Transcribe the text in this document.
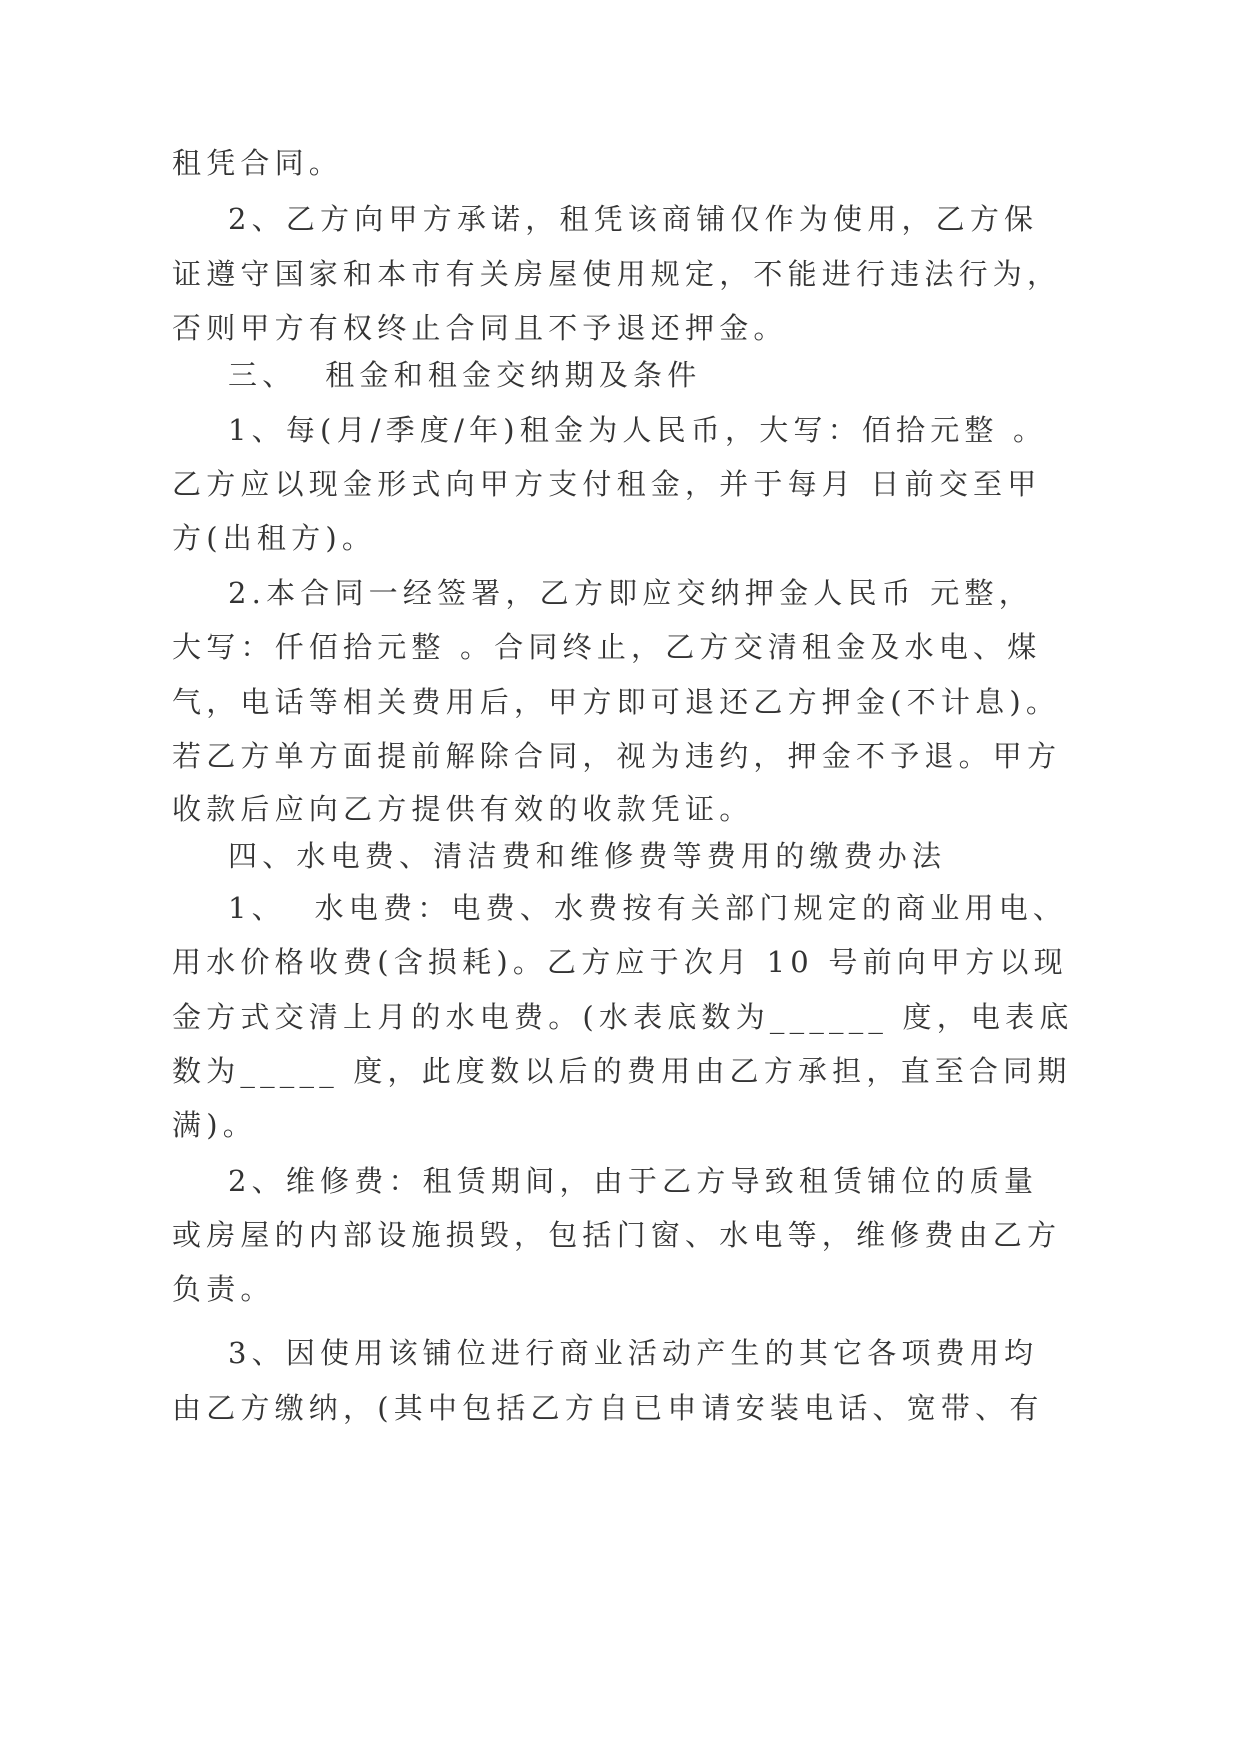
租凭合同。
2、乙方向甲方承诺，租凭该商铺仅作为使用，乙方保
证遵守国家和本市有关房屋使用规定，不能进行违法行为，
否则甲方有权终止合同且不予退还押金。
三、  租金和租金交纳期及条件
1、每(月/季度/年)租金为人民币，大写：佰拾元整 。
乙方应以现金形式向甲方支付租金，并于每月 日前交至甲
方(出租方)。
2.本合同一经签署，乙方即应交纳押金人民币 元整，
大写：仟佰拾元整 。合同终止，乙方交清租金及水电、煤
气，电话等相关费用后，甲方即可退还乙方押金(不计息)。
若乙方单方面提前解除合同，视为违约，押金不予退。甲方
收款后应向乙方提供有效的收款凭证。
四、水电费、清洁费和维修费等费用的缴费办法
1、  水电费：电费、水费按有关部门规定的商业用电、
用水价格收费(含损耗)。乙方应于次月 10 号前向甲方以现
金方式交清上月的水电费。(水表底数为______ 度，电表底
数为_____ 度，此度数以后的费用由乙方承担，直至合同期
满)。
2、维修费：租赁期间，由于乙方导致租赁铺位的质量
或房屋的内部设施损毁，包括门窗、水电等，维修费由乙方
负责。
3、因使用该铺位进行商业活动产生的其它各项费用均
由乙方缴纳，(其中包括乙方自已申请安装电话、宽带、有
